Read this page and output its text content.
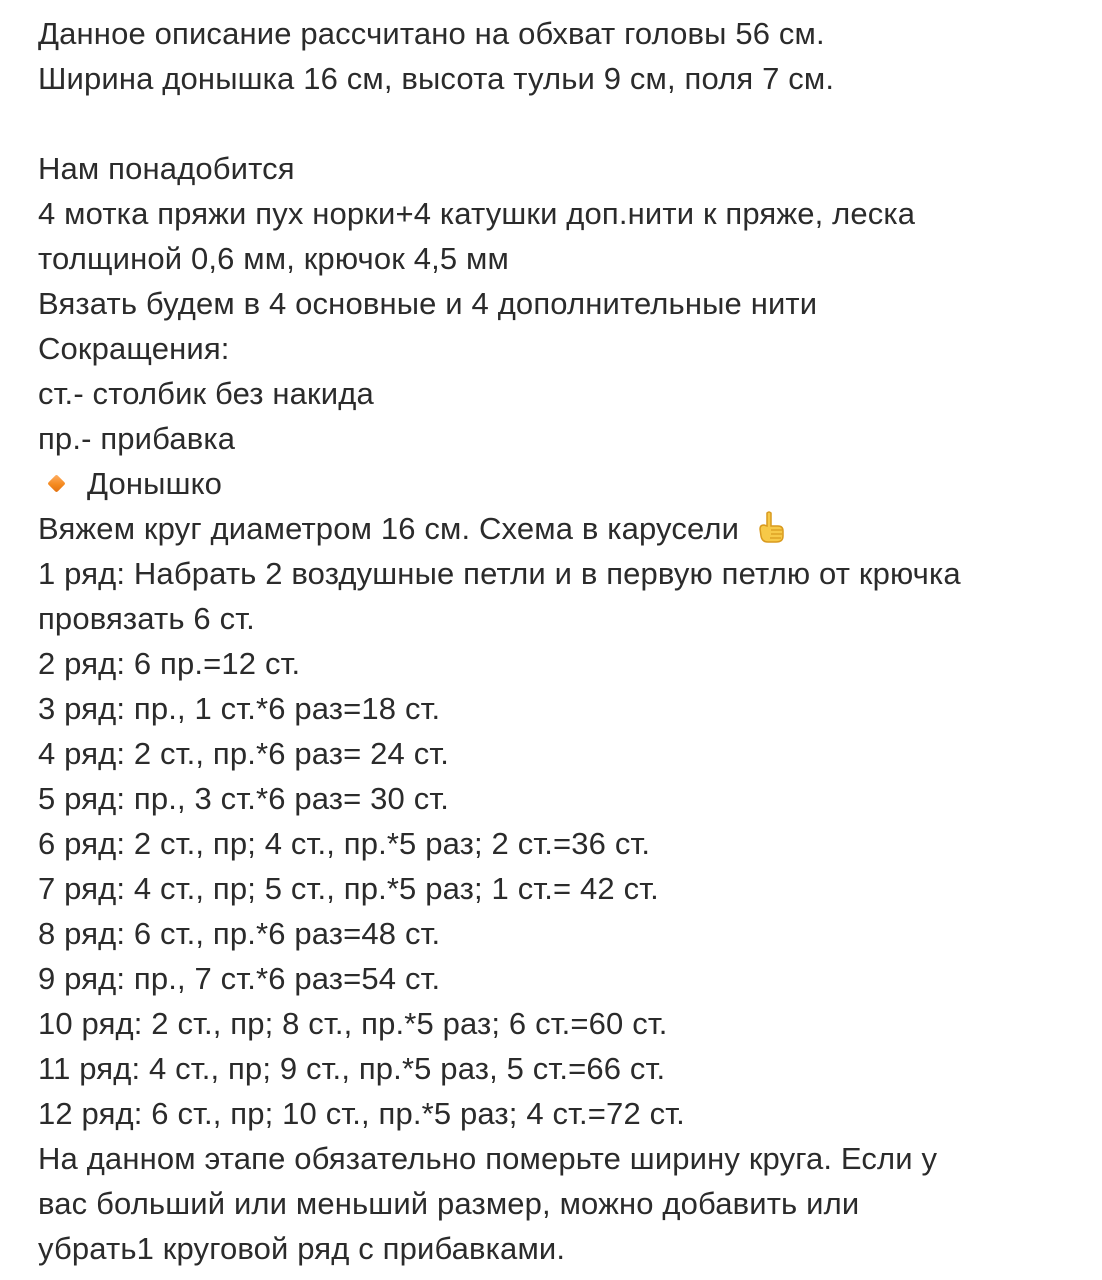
Данное описание рассчитано на обхват головы 56 см.
Ширина донышка 16 см, высота тульи 9 см, поля 7 см.
Нам понадобится
4 мотка пряжи пух норки+4 катушки доп.нити к пряже, леска
толщиной 0,6 мм, крючок 4,5 мм
Вязать будем в 4 основные и 4 дополнительные нити
Сокращения:
ст.- столбик без накида
пр.- прибавка
Донышко
Вяжем круг диаметром 16 см. Схема в карусели
1 ряд: Набрать 2 воздушные петли и в первую петлю от крючка
провязать 6 ст.
2 ряд: 6 пр.=12 ст.
3 ряд: пр., 1 ст.*6 раз=18 ст.
4 ряд: 2 ст., пр.*6 раз= 24 ст.
5 ряд: пр., 3 ст.*6 раз= 30 ст.
6 ряд: 2 ст., пр; 4 ст., пр.*5 раз; 2 ст.=36 ст.
7 ряд: 4 ст., пр; 5 ст., пр.*5 раз; 1 ст.= 42 ст.
8 ряд: 6 ст., пр.*6 раз=48 ст.
9 ряд: пр., 7 ст.*6 раз=54 ст.
10 ряд: 2 ст., пр; 8 ст., пр.*5 раз; 6 ст.=60 ст.
11 ряд: 4 ст., пр; 9 ст., пр.*5 раз, 5 ст.=66 ст.
12 ряд: 6 ст., пр; 10 ст., пр.*5 раз; 4 ст.=72 ст.
На данном этапе обязательно померьте ширину круга. Если у
вас больший или меньший размер, можно добавить или
убрать1 круговой ряд с прибавками.
